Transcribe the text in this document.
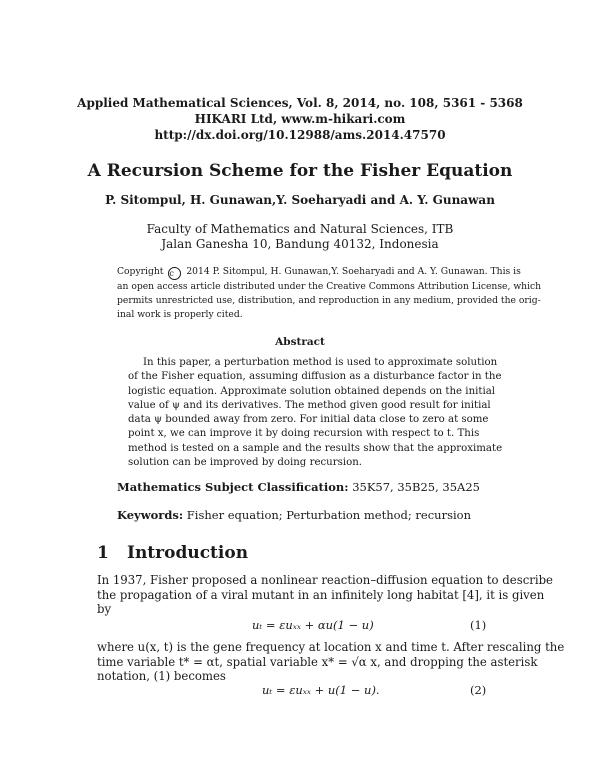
Applied Mathematical Sciences, Vol. 8, 2014, no. 108, 5361 - 5368
HIKARI Ltd, www.m-hikari.com
http://dx.doi.org/10.12988/ams.2014.47570
A Recursion Scheme for the Fisher Equation
P. Sitompul, H. Gunawan,Y. Soeharyadi and A. Y. Gunawan
Faculty of Mathematics and Natural Sciences, ITB
Jalan Ganesha 10, Bandung 40132, Indonesia
Copyright c 2014 P. Sitompul, H. Gunawan,Y. Soeharyadi and A. Y. Gunawan. This is
an open access article distributed under the Creative Commons Attribution License, which
permits unrestricted use, distribution, and reproduction in any medium, provided the orig-
inal work is properly cited.
Abstract
In this paper, a perturbation method is used to approximate solution
of the Fisher equation, assuming diffusion as a disturbance factor in the
logistic equation. Approximate solution obtained depends on the initial
value of ψ and its derivatives. The method given good result for initial
data ψ bounded away from zero. For initial data close to zero at some
point x, we can improve it by doing recursion with respect to t. This
method is tested on a sample and the results show that the approximate
solution can be improved by doing recursion.
Mathematics Subject Classification: 35K57, 35B25, 35A25
Keywords: Fisher equation; Perturbation method; recursion
1 Introduction
In 1937, Fisher proposed a nonlinear reaction–diffusion equation to describe
the propagation of a viral mutant in an infinitely long habitat [4], it is given
by
uₜ = εuₓₓ + αu(1 − u)	(1)
where u(x, t) is the gene frequency at location x and time t. After rescaling the
time variable t* = αt, spatial variable x* = √α x, and dropping the asterisk
notation, (1) becomes
uₜ = εuₓₓ + u(1 − u).	(2)
